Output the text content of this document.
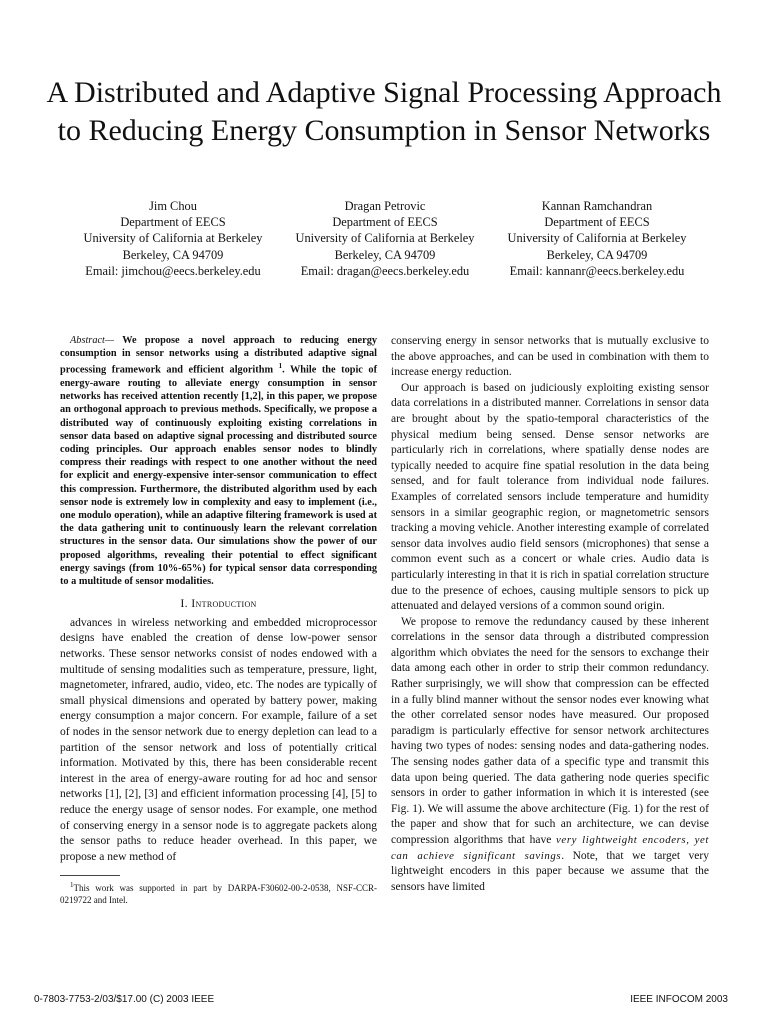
A Distributed and Adaptive Signal Processing Approach to Reducing Energy Consumption in Sensor Networks
Jim Chou
Department of EECS
University of California at Berkeley
Berkeley, CA 94709
Email: jimchou@eecs.berkeley.edu
Dragan Petrovic
Department of EECS
University of California at Berkeley
Berkeley, CA 94709
Email: dragan@eecs.berkeley.edu
Kannan Ramchandran
Department of EECS
University of California at Berkeley
Berkeley, CA 94709
Email: kannanr@eecs.berkeley.edu

Abstract— We propose a novel approach to reducing energy consumption in sensor networks using a distributed adaptive signal processing framework and efficient algorithm $^1$. While the topic of energy-aware routing to alleviate energy consumption in sensor networks has received attention recently [1,2], in this paper, we propose an orthogonal approach to previous methods. Specifically, we propose a distributed way of continuously exploiting existing correlations in sensor data based on adaptive signal processing and distributed source coding principles. Our approach enables sensor nodes to blindly compress their readings with respect to one another without the need for explicit and energy-expensive inter-sensor communication to effect this compression. Furthermore, the distributed algorithm used by each sensor node is extremely low in complexity and easy to implement (i.e., one modulo operation), while an adaptive filtering framework is used at the data gathering unit to continuously learn the relevant correlation structures in the sensor data. Our simulations show the power of our proposed algorithms, revealing their potential to effect significant energy savings (from 10%-65%) for typical sensor data corresponding to a multitude of sensor modalities.

I. Introduction

advances in wireless networking and embedded microprocessor designs have enabled the creation of dense low-power sensor networks. These sensor networks consist of nodes endowed with a multitude of sensing modalities such as temperature, pressure, light, magnetometer, infrared, audio, video, etc. The nodes are typically of small physical dimensions and operated by battery power, making energy consumption a major concern. For example, failure of a set of nodes in the sensor network due to energy depletion can lead to a partition of the sensor network and loss of potentially critical information. Motivated by this, there has been considerable recent interest in the area of energy-aware routing for ad hoc and sensor networks [1], [2], [3] and efficient information processing [4], [5] to reduce the energy usage of sensor nodes. For example, one method of conserving energy in a sensor node is to aggregate packets along the sensor paths to reduce header overhead. In this paper, we propose a new method of

$^1$This work was supported in part by DARPA-F30602-00-2-0538, NSF-CCR-0219722 and Intel.

conserving energy in sensor networks that is mutually exclusive to the above approaches, and can be used in combination with them to increase energy reduction.

Our approach is based on judiciously exploiting existing sensor data correlations in a distributed manner. Correlations in sensor data are brought about by the spatio-temporal characteristics of the physical medium being sensed. Dense sensor networks are particularly rich in correlations, where spatially dense nodes are typically needed to acquire fine spatial resolution in the data being sensed, and for fault tolerance from individual node failures. Examples of correlated sensors include temperature and humidity sensors in a similar geographic region, or magnetometric sensors tracking a moving vehicle. Another interesting example of correlated sensor data involves audio field sensors (microphones) that sense a common event such as a concert or whale cries. Audio data is particularly interesting in that it is rich in spatial correlation structure due to the presence of echoes, causing multiple sensors to pick up attenuated and delayed versions of a common sound origin.

We propose to remove the redundancy caused by these inherent correlations in the sensor data through a distributed compression algorithm which obviates the need for the sensors to exchange their data among each other in order to strip their common redundancy. Rather surprisingly, we will show that compression can be effected in a fully blind manner without the sensor nodes ever knowing what the other correlated sensor nodes have measured. Our proposed paradigm is particularly effective for sensor network architectures having two types of nodes: sensing nodes and data-gathering nodes. The sensing nodes gather data of a specific type and transmit this data upon being queried. The data gathering node queries specific sensors in order to gather information in which it is interested (see Fig. 1). We will assume the above architecture (Fig. 1) for the rest of the paper and show that for such an architecture, we can devise compression algorithms that have very lightweight encoders, yet can achieve significant savings. Note, that we target very lightweight encoders in this paper because we assume that the sensors have limited

0-7803-7753-2/03/$17.00 (C) 2003 IEEE	IEEE INFOCOM 2003
